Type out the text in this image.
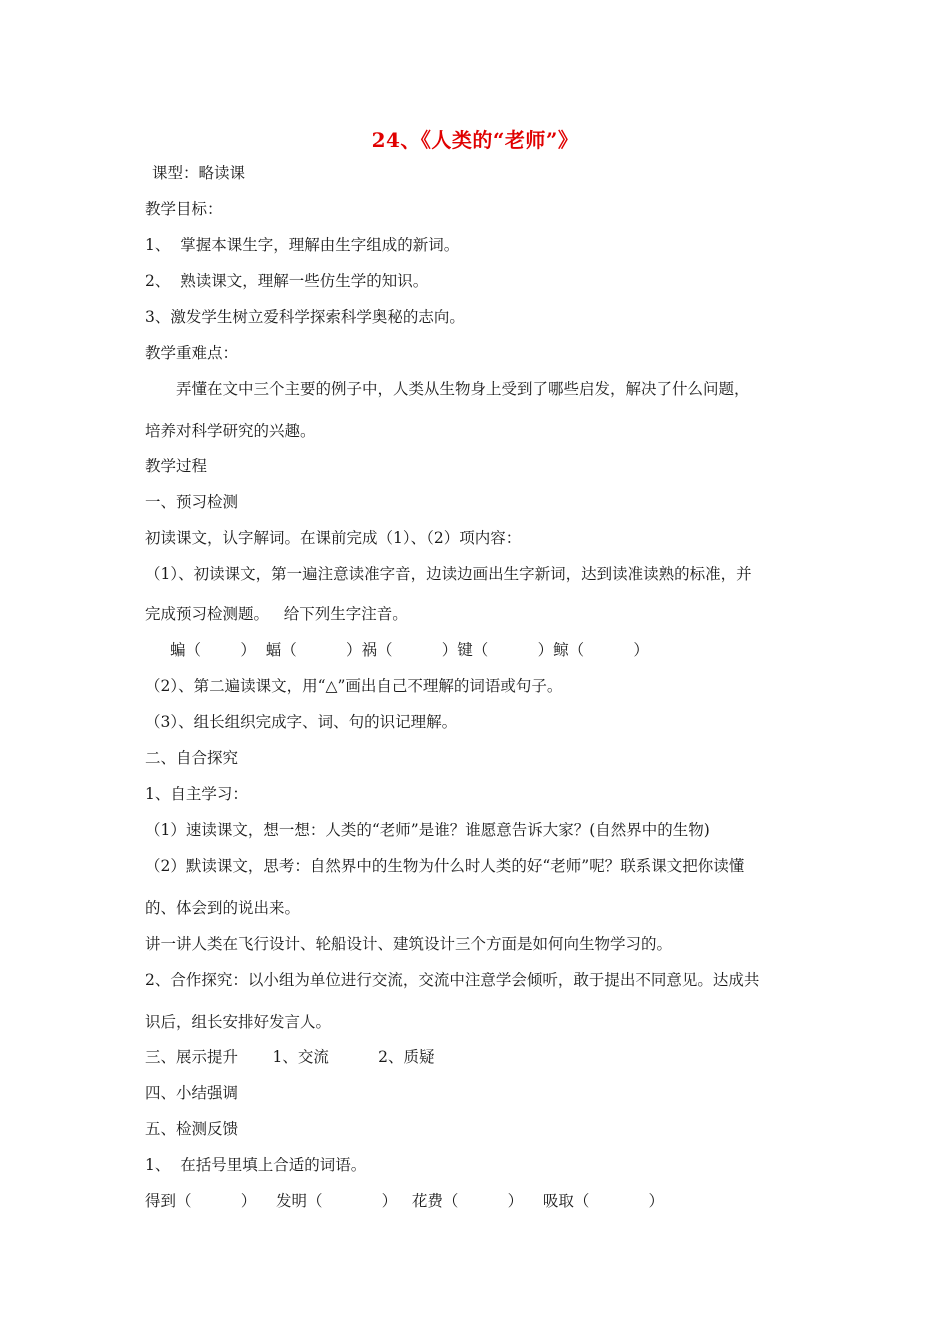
24、《人类的“老师”》
课型：略读课
教学目标：
1、  掌握本课生字，理解由生字组成的新词。
2、  熟读课文，理解一些仿生学的知识。
3、激发学生树立爱科学探索科学奥秘的志向。
教学重难点：
弄懂在文中三个主要的例子中，人类从生物身上受到了哪些启发，解决了什么问题，
培养对科学研究的兴趣。
教学过程
一、预习检测
初读课文，认字解词。在课前完成（1）、（2）项内容：
（1）、初读课文，第一遍注意读准字音，边读边画出生字新词，达到读准读熟的标准，并
完成预习检测题。   给下列生字注音。
蝙（        ）  蝠（          ）祸（          ）键（          ）鲸（          ）
（2）、第二遍读课文，用“△”画出自己不理解的词语或句子。
（3）、组长组织完成字、词、句的识记理解。
二、自合探究
1、自主学习：
（1）速读课文，想一想：人类的“老师”是谁？谁愿意告诉大家？(自然界中的生物)
（2）默读课文，思考：自然界中的生物为什么时人类的好“老师”呢？联系课文把你读懂
的、体会到的说出来。
讲一讲人类在飞行设计、轮船设计、建筑设计三个方面是如何向生物学习的。
2、合作探究：以小组为单位进行交流，交流中注意学会倾听，敢于提出不同意见。达成共
识后，组长安排好发言人。
三、展示提升       1、交流          2、质疑
四、小结强调
五、检测反馈
1、  在括号里填上合适的词语。
得到（          ）    发明（            ）   花费（          ）    吸取（            ）
